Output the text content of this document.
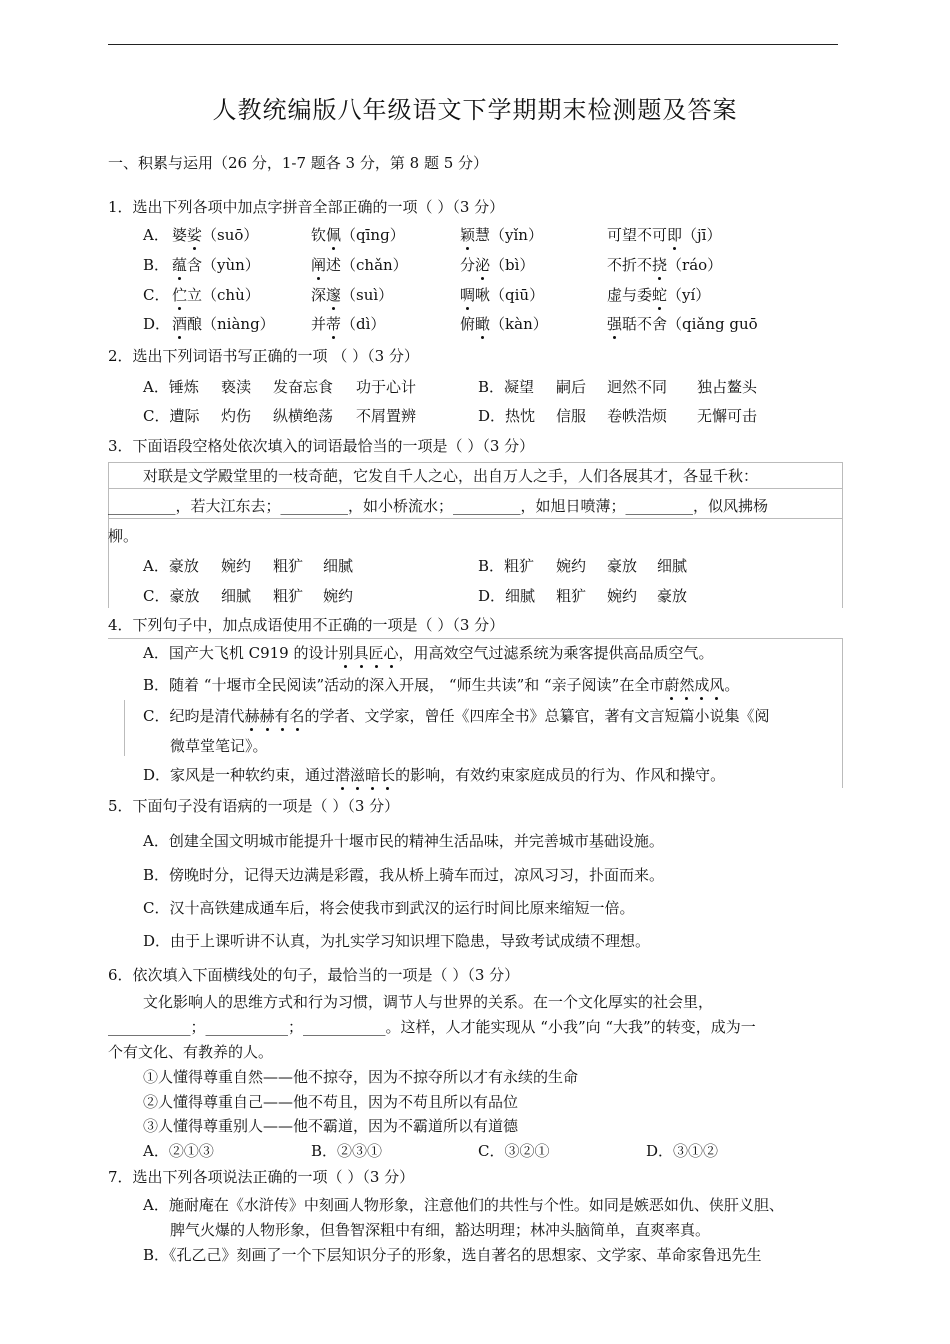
人教统编版八年级语文下学期期末检测题及答案
一、积累与运用（26 分，1-7 题各 3 分，第 8 题 5 分）
1．选出下列各项中加点字拼音全部正确的一项（ ）（3 分）
A． 婆娑（suō）	钦佩（qīnɡ）	颖慧（yǐn）	可望不可即（jī）
B． 蕴含（yùn）	阐述（chǎn）	分泌（bì）	不折不挠（ráo）
C． 伫立（chù）	深邃（suì）	啁啾（qiū）	虚与委蛇（yí）
D． 酒酿（niàng） 并蒂（dì）	俯瞰（kàn）	强聒不舍（qiǎng guō
2．选出下列词语书写正确的一项 （ ）（3 分）
A．锤炼 亵渎 发奋忘食 功于心计	B．凝望 嗣后 迥然不同 独占鳌头
C．遭际 灼伤 纵横绝荡 不屑置辨	D．热忱 信服 卷帙浩烦 无懈可击
3．下面语段空格处依次填入的词语最恰当的一项是（ ）（3 分）
对联是文学殿堂里的一枝奇葩，它发自千人之心，出自万人之手，人们各展其才，各显千秋：
_________，若大江东去；_________，如小桥流水；_________，如旭日喷薄；_________，似风拂杨
柳。
A．豪放 婉约 粗犷 细腻	B．粗犷 婉约 豪放 细腻
C．豪放 细腻 粗犷 婉约	D．细腻 粗犷 婉约 豪放
4．下列句子中，加点成语使用不正确的一项是（ ）（3 分）
A．国产大飞机 C919 的设计别具匠心，用高效空气过滤系统为乘客提供高品质空气。
B．随着 “十堰市全民阅读”活动的深入开展， “师生共读”和 “亲子阅读”在全市蔚然成风。
C．纪昀是清代赫赫有名的学者、文学家，曾任《四库全书》总纂官，著有文言短篇小说集《阅
微草堂笔记》。
D．家风是一种软约束，通过潜滋暗长的影响，有效约束家庭成员的行为、作风和操守。
5．下面句子没有语病的一项是（ ）（3 分）
A．创建全国文明城市能提升十堰市民的精神生活品味，并完善城市基础设施。
B．傍晚时分，记得天边满是彩霞，我从桥上骑车而过，凉风习习，扑面而来。
C．汉十高铁建成通车后，将会使我市到武汉的运行时间比原来缩短一倍。
D．由于上课听讲不认真，为扎实学习知识埋下隐患，导致考试成绩不理想。
6．依次填入下面横线处的句子，最恰当的一项是（ ）（3 分）
文化影响人的思维方式和行为习惯，调节人与世界的关系。在一个文化厚实的社会里，
___________；___________；___________。这样，人才能实现从 “小我”向 “大我”的转变，成为一
个有文化、有教养的人。
①人懂得尊重自然——他不掠夺，因为不掠夺所以才有永续的生命
②人懂得尊重自己——他不苟且，因为不苟且所以有品位
③人懂得尊重别人——他不霸道，因为不霸道所以有道德
A．②①③	B．②③①	C．③②①	D．③①②
7．选出下列各项说法正确的一项（ ）（3 分）
A．施耐庵在《水浒传》中刻画人物形象，注意他们的共性与个性。如同是嫉恶如仇、侠肝义胆、
脾气火爆的人物形象，但鲁智深粗中有细，豁达明理；林冲头脑简单，直爽率真。
B．《孔乙己》刻画了一个下层知识分子的形象，选自著名的思想家、文学家、革命家鲁迅先生
